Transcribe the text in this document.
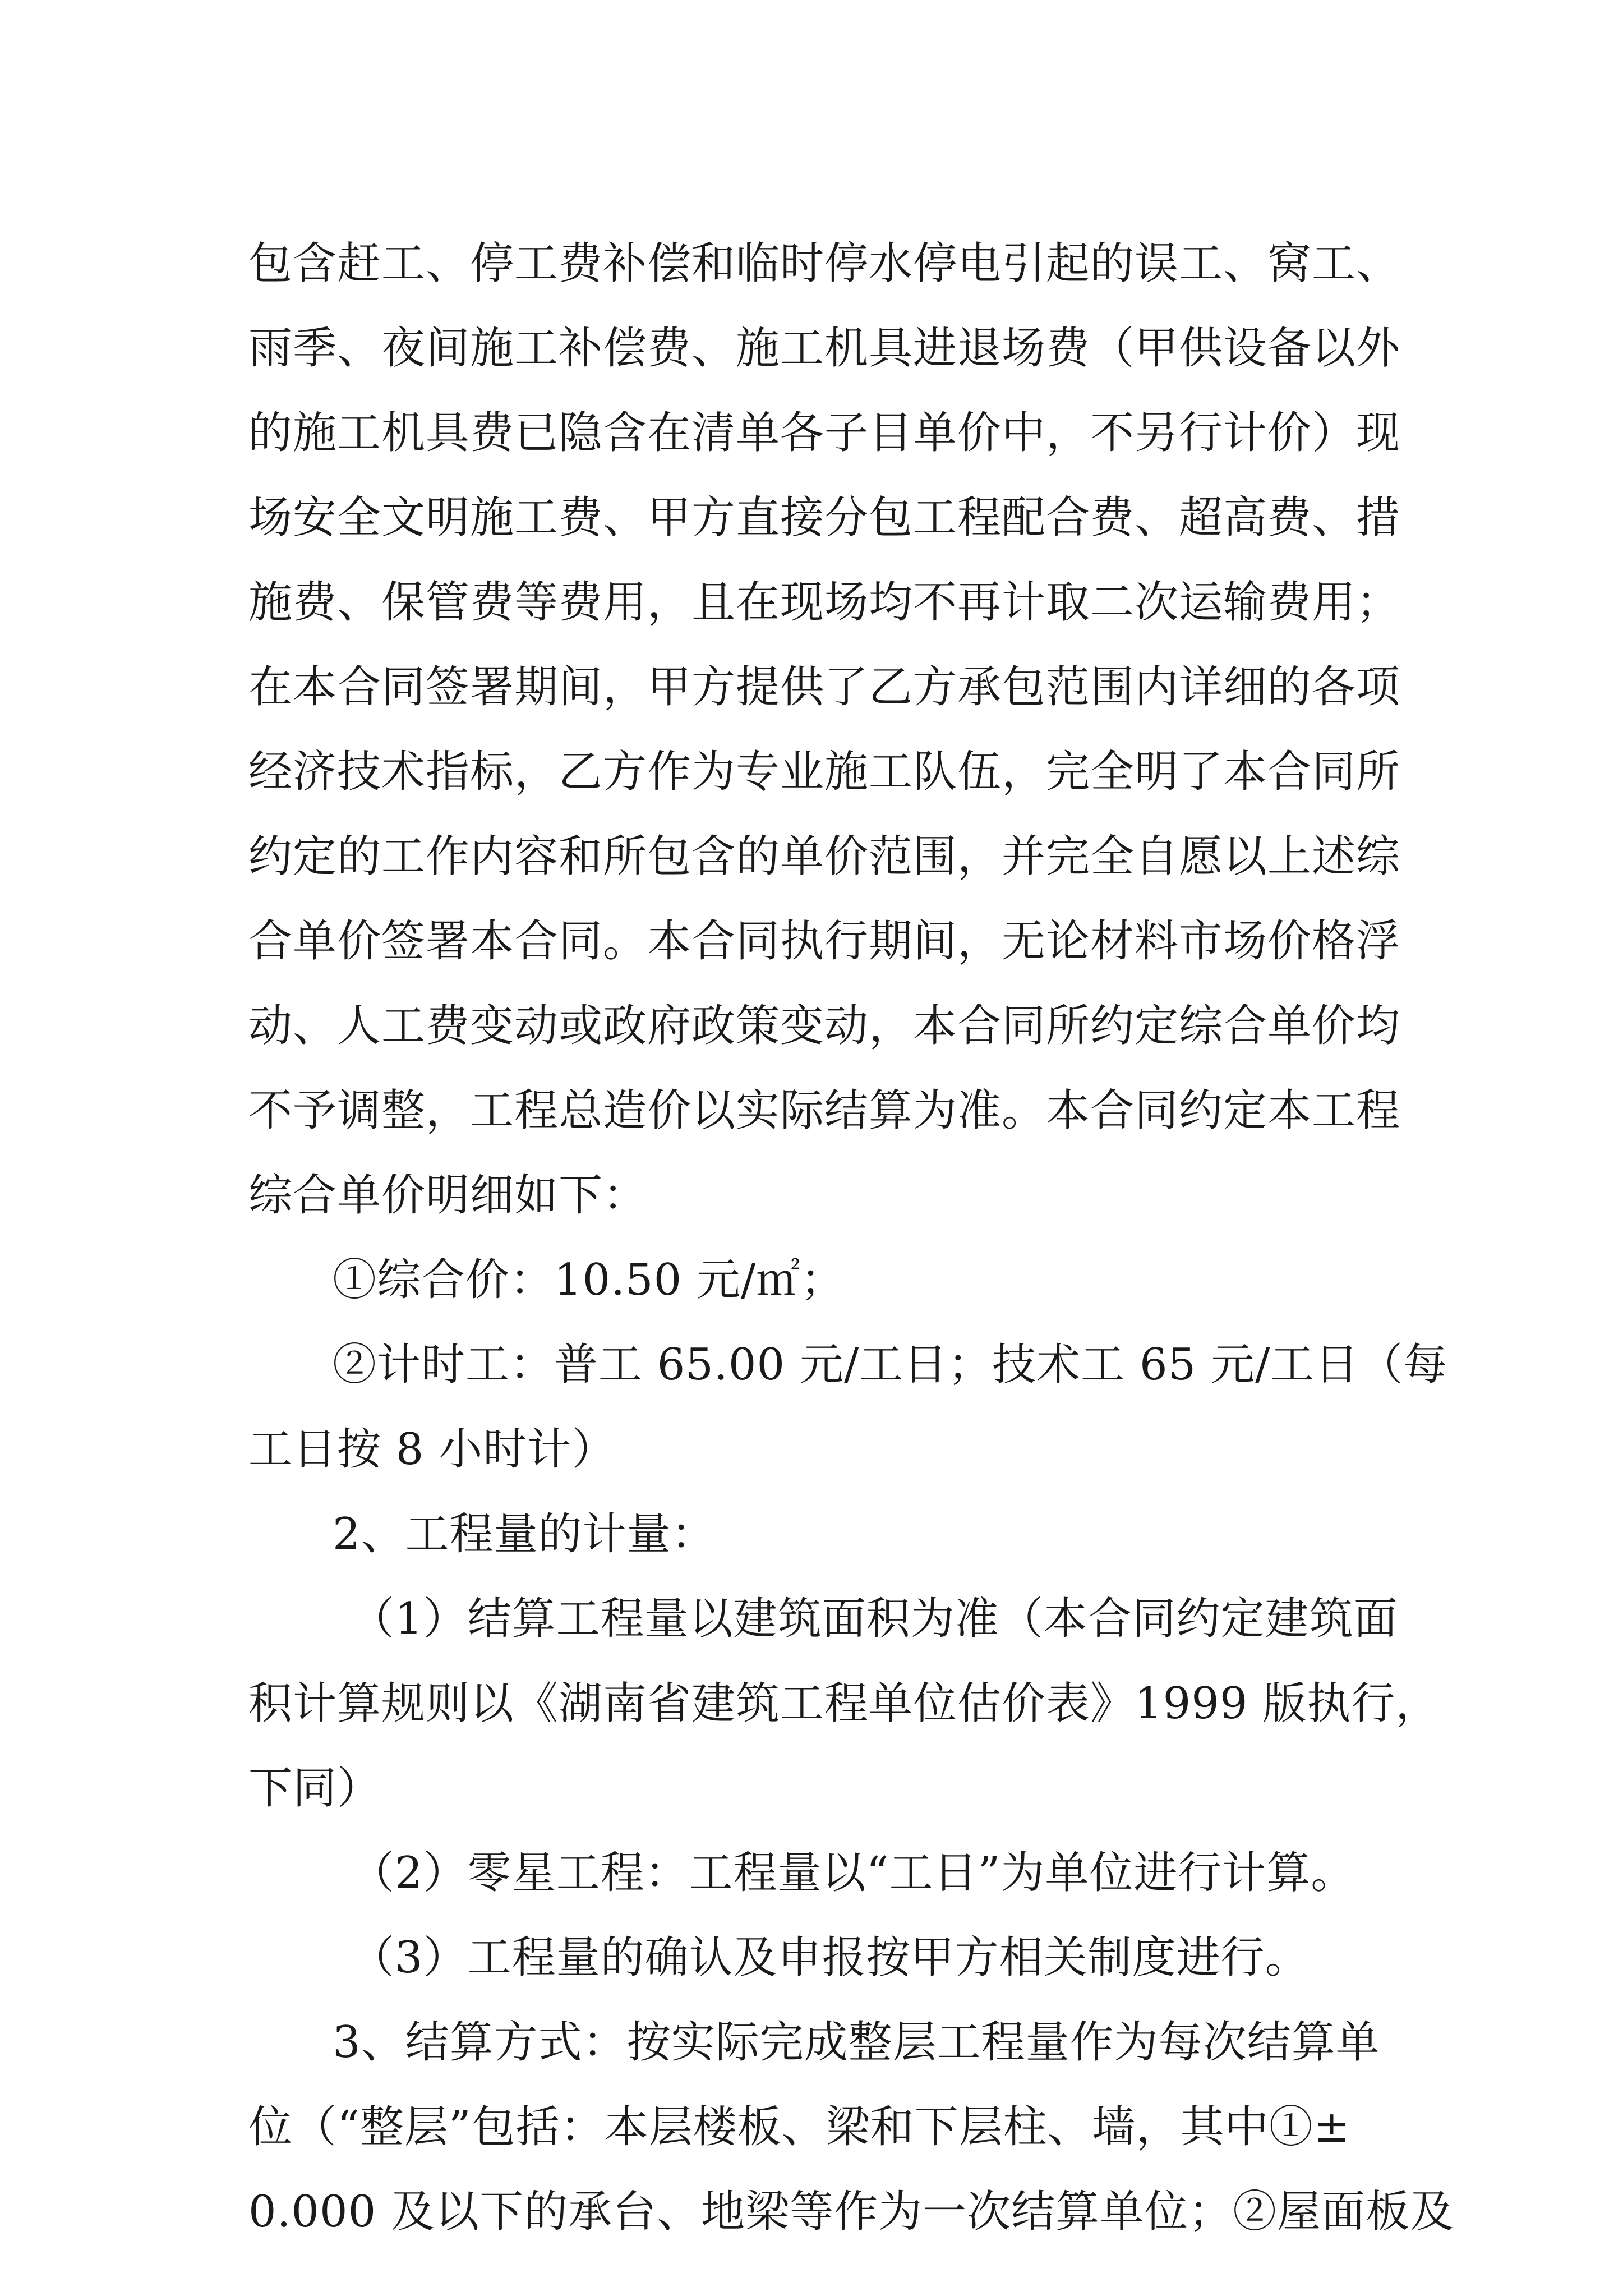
包含赶工、停工费补偿和临时停水停电引起的误工、窝工、
雨季、夜间施工补偿费、施工机具进退场费（甲供设备以外
的施工机具费已隐含在清单各子目单价中，不另行计价）现
场安全文明施工费、甲方直接分包工程配合费、超高费、措
施费、保管费等费用，且在现场均不再计取二次运输费用；
在本合同签署期间，甲方提供了乙方承包范围内详细的各项
经济技术指标，乙方作为专业施工队伍，完全明了本合同所
约定的工作内容和所包含的单价范围，并完全自愿以上述综
合单价签署本合同。本合同执行期间，无论材料市场价格浮
动、人工费变动或政府政策变动，本合同所约定综合单价均
不予调整，工程总造价以实际结算为准。本合同约定本工程
综合单价明细如下：
①综合价：10.50 元/㎡；
②计时工：普工 65.00 元/工日；技术工 65 元/工日（每
工日按 8 小时计）
2、工程量的计量：
（1）结算工程量以建筑面积为准（本合同约定建筑面
积计算规则以《湖南省建筑工程单位估价表》1999 版执行，
下同）
（2）零星工程：工程量以“工日”为单位进行计算。
（3）工程量的确认及申报按甲方相关制度进行。
3、结算方式：按实际完成整层工程量作为每次结算单
位（“整层”包括：本层楼板、梁和下层柱、墙，其中①±
0.000 及以下的承台、地梁等作为一次结算单位；②屋面板及
